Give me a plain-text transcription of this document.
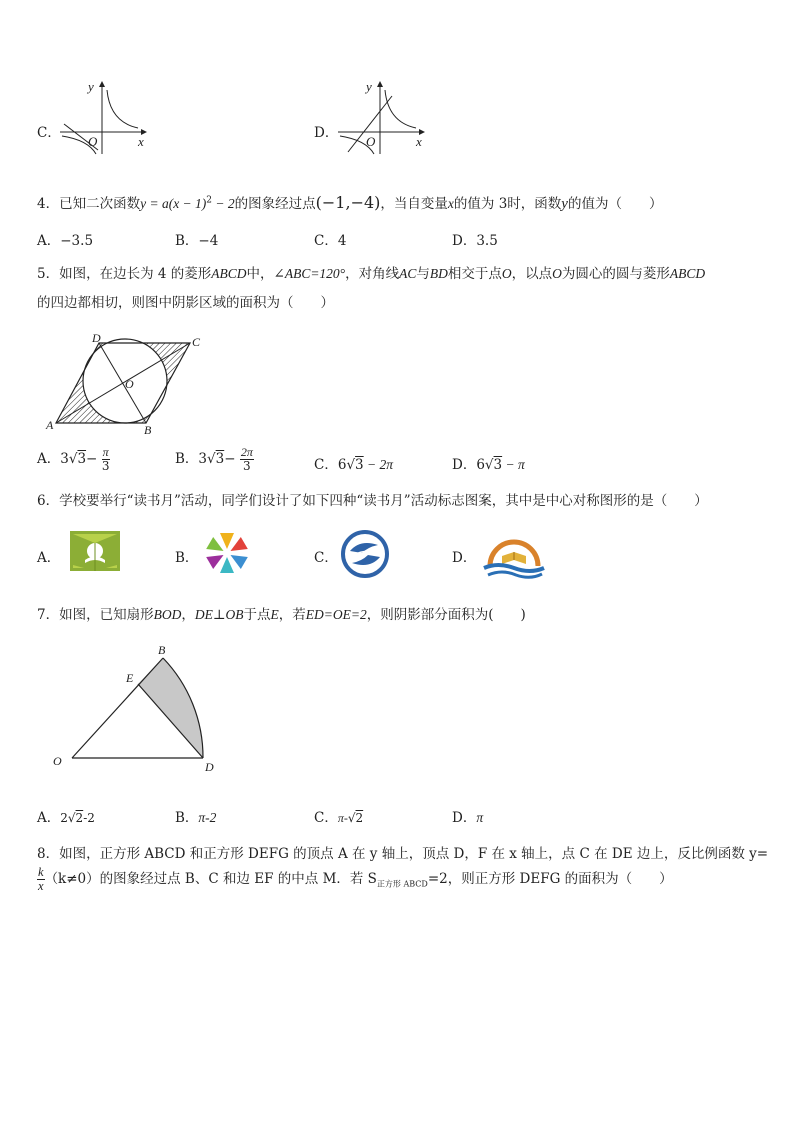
C．
y
x
O
D．
y
x
O
4．已知二次函数$y = a(x - 1)^2 - 2$的图象经过点(−1,−4)，当自变量x的值为 3时，函数y的值为（　　）
A．−3.5	B．−4	C．4	D．3.5
5．如图，在边长为 4 的菱形ABCD中，∠ABC=120°，对角线AC与BD相交于点O，以点O为圆心的圆与菱形ABCD
的四边都相切，则图中阴影区域的面积为（　　）
A	B
C
D
O
A．$3√3- \frac{\pi}{3}$	B．$3√3- \frac{2\pi}{3}$	C．6√3 − 2π	D．6√3 − π
6．学校要举行“读书月”活动，同学们设计了如下四种“读书月”活动标志图案，其中是中心对称图形的是（　　）
A．	B．	C．	D．
7．如图，已知扇形BOD，DE⊥OB于点E，若ED=OE=2，则阴影部分面积为(　　)
B
E
O	D
A．2√2-2	B．π-2	C．π-√2	D．π
8．如图，正方形 ABCD 和正方形 DEFG 的顶点 A 在 y 轴上，顶点 D，F 在 x 轴上，点 C 在 DE 边上，反比例函数 y=
$\frac{k}{x} (k\ne 0)$的图象经过点 B、C 和边 EF 的中点 M．若 $S_{正方形 ABCD}=2$，则正方形 DEFG 的面积为（　　）
